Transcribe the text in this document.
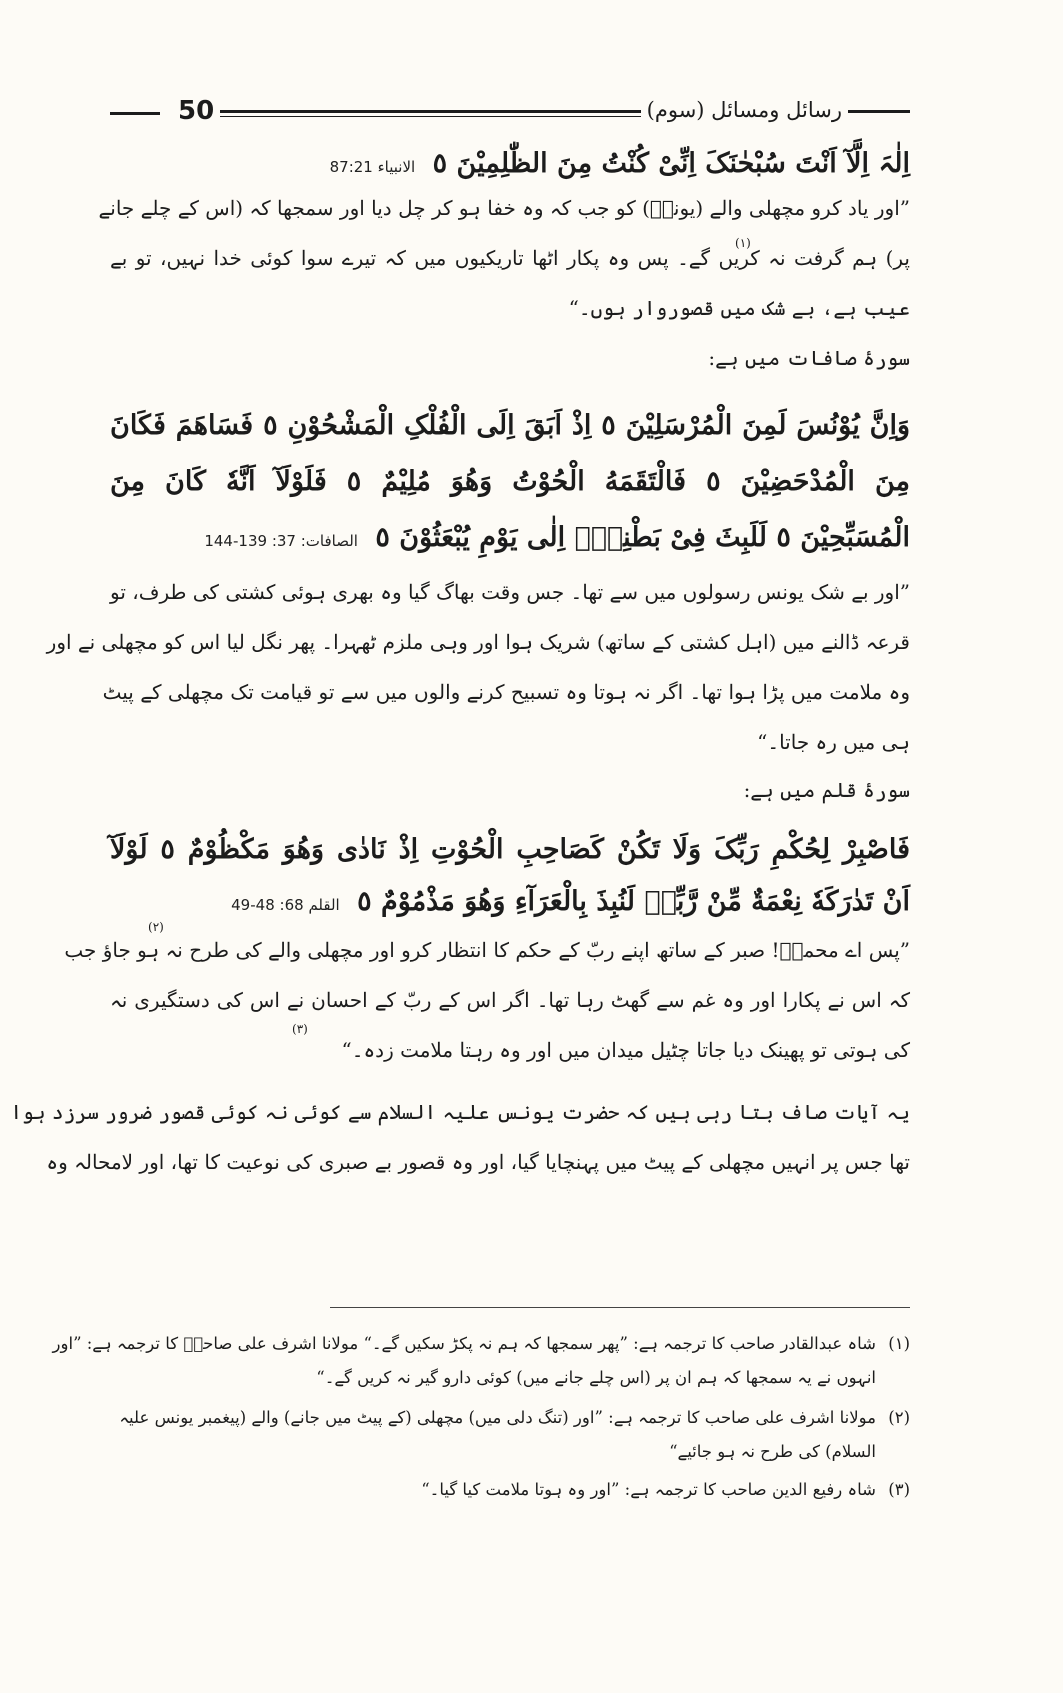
50	رسائل ومسائل (سوم)
اِلٰہَ اِلَّآ اَنْتَ سُبْحٰنَکَ اِنِّیْ کُنْتُ مِنَ الظّٰلِمِیْنَ ٥ الانبیاء 87:21
”اور یاد کرو مچھلی والے (یونسؑ) کو جب کہ وہ خفا ہو کر چل دیا اور سمجھا کہ (اس کے چلے جانے
پر) ہم گرفت نہ کریں گے۔ پس وہ پکار اٹھا تاریکیوں میں کہ تیرے سوا کوئی خدا نہیں، تو بے
(١)
عیب ہے، بے شک میں قصوروار ہوں۔“
سورۂ صافات میں ہے:
وَاِنَّ یُوْنُسَ لَمِنَ الْمُرْسَلِیْنَ ٥ اِذْ اَبَقَ اِلَی الْفُلْکِ الْمَشْحُوْنِ ٥ فَسَاهَمَ فَکَانَ
مِنَ الْمُدْحَضِیْنَ ٥ فَالْتَقَمَهُ الْحُوْتُ وَهُوَ مُلِیْمٌ ٥ فَلَوْلَآ اَنَّهٗ کَانَ مِنَ
الْمُسَبِّحِیْنَ ٥ لَلَبِثَ فِیْ بَطْنِهٖۤ اِلٰی یَوْمِ یُبْعَثُوْنَ ٥ الصافات: 37: 139-144
”اور بے شک یونس رسولوں میں سے تھا۔ جس وقت بھاگ گیا وہ بھری ہوئی کشتی کی طرف، تو
قرعہ ڈالنے میں (اہل کشتی کے ساتھ) شریک ہوا اور وہی ملزم ٹھہرا۔ پھر نگل لیا اس کو مچھلی نے اور
وہ ملامت میں پڑا ہوا تھا۔ اگر نہ ہوتا وہ تسبیح کرنے والوں میں سے تو قیامت تک مچھلی کے پیٹ
ہی میں رہ جاتا۔“
سورۂ قلم میں ہے:
فَاصْبِرْ لِحُکْمِ رَبِّکَ وَلَا تَکُنْ کَصَاحِبِ الْحُوْتِ اِذْ نَادٰی وَهُوَ مَکْظُوْمٌ ٥ لَوْلَآ
اَنْ تَدٰرَکَهٗ نِعْمَةٌ مِّنْ رَّبِّهٖ لَنُبِذَ بِالْعَرَآءِ وَهُوَ مَذْمُوْمٌ ٥ القلم 68: 48-49
(٢)
”پس اے محمدؐ! صبر کے ساتھ اپنے ربّ کے حکم کا انتظار کرو اور مچھلی والے کی طرح نہ ہو جاؤ جب
کہ اس نے پکارا اور وہ غم سے گھٹ رہا تھا۔ اگر اس کے ربّ کے احسان نے اس کی دستگیری نہ
کی ہوتی تو پھینک دیا جاتا چٹیل میدان میں اور وہ رہتا ملامت زدہ۔“
(٣)
یہ آیات صاف بتا رہی ہیں کہ حضرت یونس علیہ السلام سے کوئی نہ کوئی قصور ضرور سرزد ہوا
تھا جس پر انہیں مچھلی کے پیٹ میں پہنچایا گیا، اور وہ قصور بے صبری کی نوعیت کا تھا، اور لامحالہ وہ
(١)شاہ عبدالقادر صاحب کا ترجمہ ہے: ”پھر سمجھا کہ ہم نہ پکڑ سکیں گے۔“ مولانا اشرف علی صاحبؒ کا ترجمہ ہے: ”اور
انہوں نے یہ سمجھا کہ ہم ان پر (اس چلے جانے میں) کوئی دارو گیر نہ کریں گے۔“
(٢)مولانا اشرف علی صاحب کا ترجمہ ہے: ”اور (تنگ دلی میں) مچھلی (کے پیٹ میں جانے) والے (پیغمبر یونس علیہ
السلام) کی طرح نہ ہو جائیے“
(٣)شاہ رفیع الدین صاحب کا ترجمہ ہے: ”اور وہ ہوتا ملامت کیا گیا۔“
